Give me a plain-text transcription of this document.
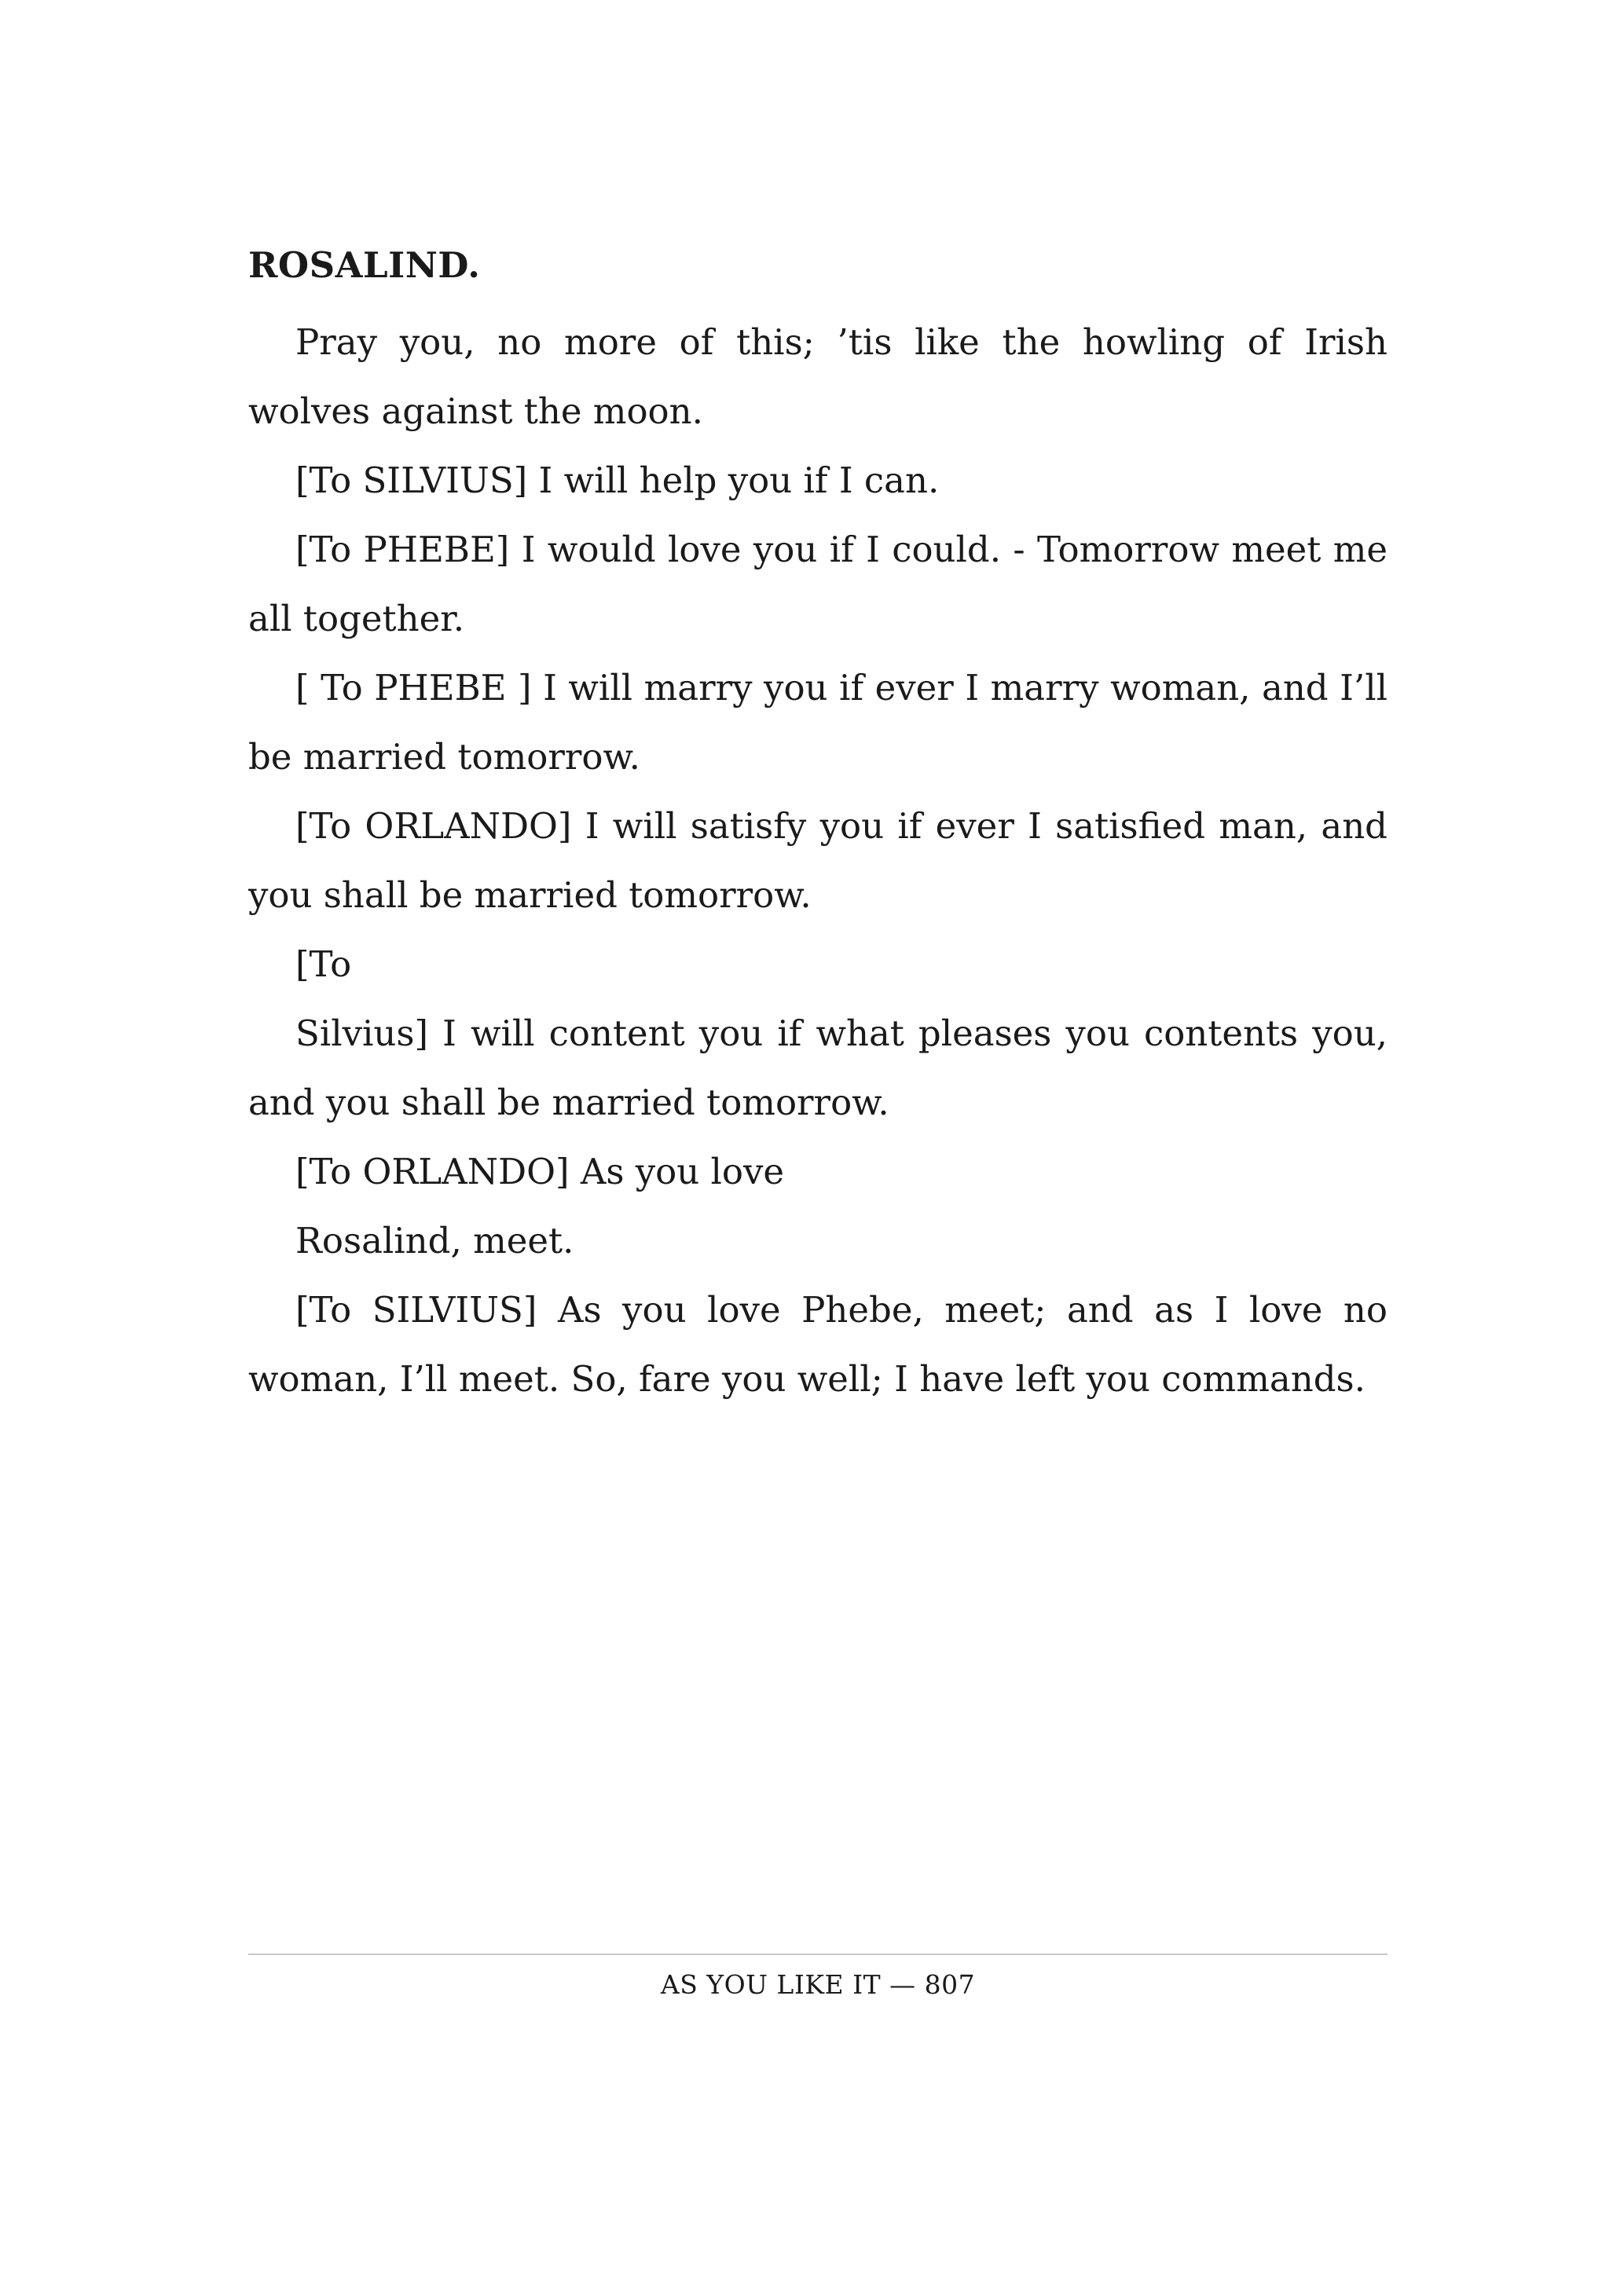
ROSALIND.

Pray you, no more of this; ’tis like the howling of Irish wolves against the moon.

[To SILVIUS] I will help you if I can.

[To PHEBE] I would love you if I could. - Tomorrow meet me all together.

[ To PHEBE ] I will marry you if ever I marry woman, and I’ll be married tomorrow.

[To ORLANDO] I will satisfy you if ever I satisfied man, and you shall be married tomorrow.

[To

Silvius] I will content you if what pleases you contents you, and you shall be married tomorrow.

[To ORLANDO] As you love

Rosalind, meet.

[To SILVIUS] As you love Phebe, meet; and as I love no woman, I’ll meet. So, fare you well; I have left you commands.

AS YOU LIKE IT — 807
